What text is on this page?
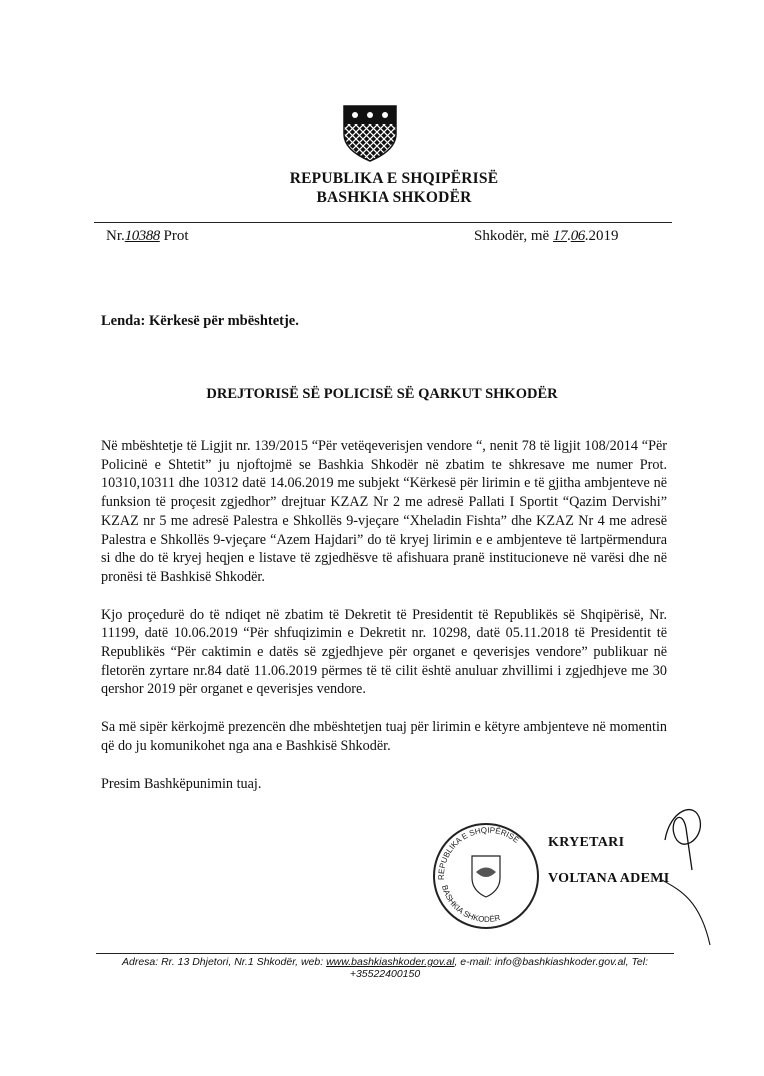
REPUBLIKA E SHQIPËRISË
BASHKIA SHKODËR
Nr.10388 Prot	Shkodër, më 17.06.2019
Lenda: Kërkesë për mbështetje.
DREJTORISË SË POLICISË SË QARKUT SHKODËR

Në mbështetje të Ligjit nr. 139/2015 “Për vetëqeverisjen vendore “, nenit 78 të ligjit 108/2014 “Për Policinë e Shtetit” ju njoftojmë se Bashkia Shkodër në zbatim te shkresave me numer Prot. 10310,10311 dhe 10312 datë 14.06.2019 me subjekt “Kërkesë për lirimin e të gjitha ambjenteve në funksion të proçesit zgjedhor” drejtuar KZAZ Nr 2 me adresë Pallati I Sportit “Qazim Dervishi” KZAZ nr 5 me adresë Palestra e Shkollës 9-vjeçare “Xheladin Fishta” dhe KZAZ Nr 4 me adresë Palestra e Shkollës 9-vjeçare “Azem Hajdari” do të kryej lirimin e e ambjenteve të lartpërmendura si dhe do të kryej heqjen e listave të zgjedhësve të afishuara pranë institucioneve në varësi dhe në pronësi të Bashkisë Shkodër.

Kjo proçedurë do të ndiqet në zbatim të Dekretit të Presidentit të Republikës së Shqipërisë, Nr. 11199, datë 10.06.2019 “Për shfuqizimin e Dekretit nr. 10298, datë 05.11.2018 të Presidentit të Republikës “Për caktimin e datës së zgjedhjeve për organet e qeverisjes vendore” publikuar në fletorën zyrtare nr.84 datë 11.06.2019 përmes të të cilit është anuluar zhvillimi i zgjedhjeve me 30 qershor 2019 për organet e qeverisjes vendore.

Sa më sipër kërkojmë prezencën dhe mbështetjen tuaj për lirimin e këtyre ambjenteve në momentin që do ju komunikohet nga ana e Bashkisë Shkodër.

Presim Bashkëpunimin tuaj.

REPUBLIKA E SHQIPËRISË
BASHKIA SHKODËR
KRYETARI
VOLTANA ADEMI
Adresa: Rr. 13 Dhjetori, Nr.1 Shkodër, web: www.bashkiashkoder.gov.al, e-mail: info@bashkiashkoder.gov.al, Tel: +35522400150
